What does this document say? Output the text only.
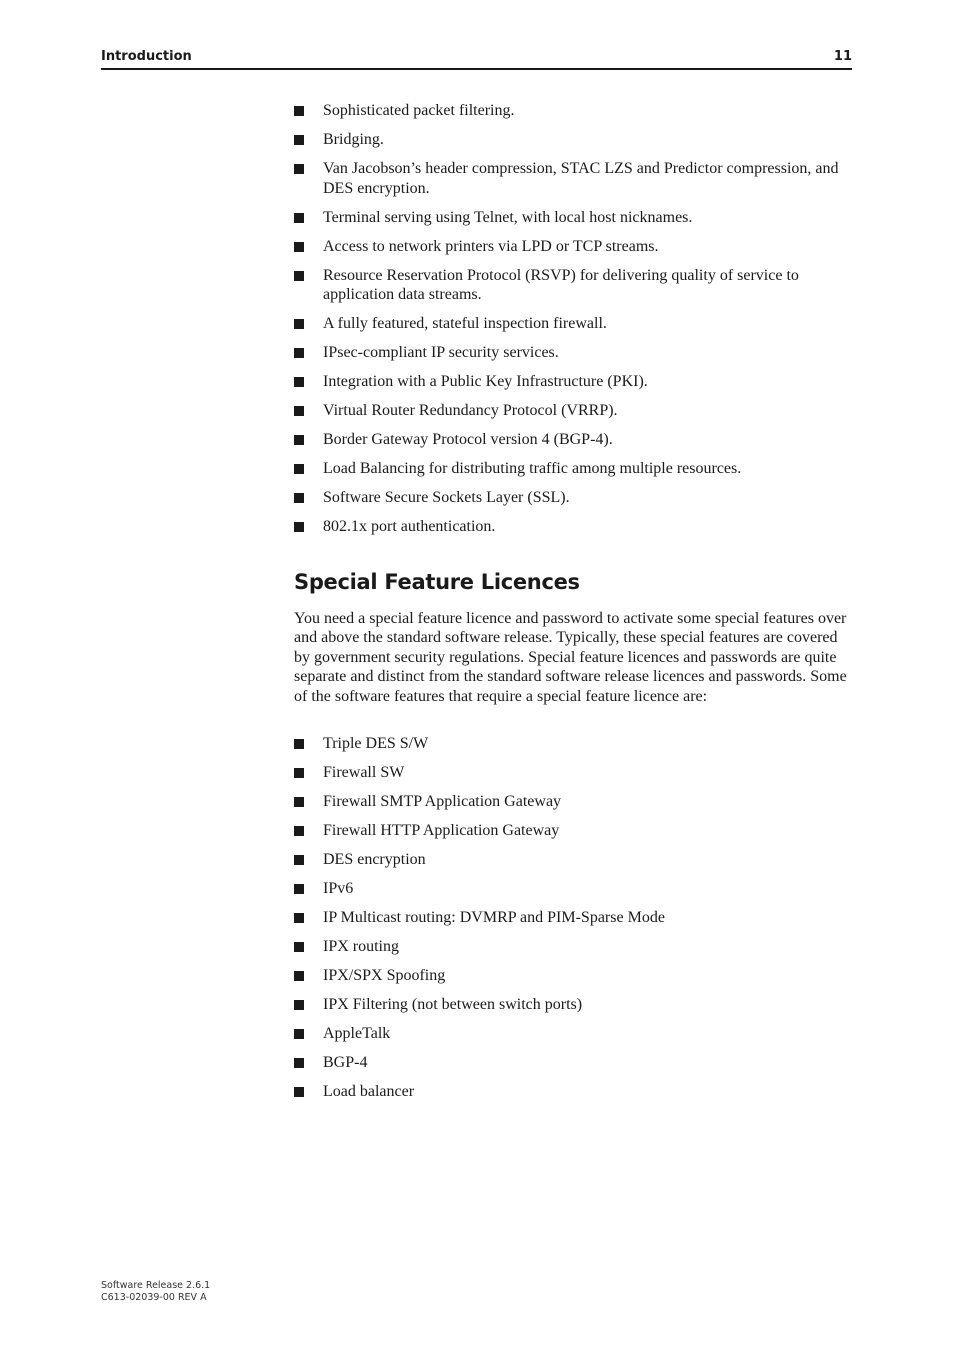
Introduction	11
Sophisticated packet filtering.
Bridging.
Van Jacobson’s header compression, STAC LZS and Predictor compression, and DES encryption.
Terminal serving using Telnet, with local host nicknames.
Access to network printers via LPD or TCP streams.
Resource Reservation Protocol (RSVP) for delivering quality of service to application data streams.
A fully featured, stateful inspection firewall.
IPsec-compliant IP security services.
Integration with a Public Key Infrastructure (PKI).
Virtual Router Redundancy Protocol (VRRP).
Border Gateway Protocol version 4 (BGP-4).
Load Balancing for distributing traffic among multiple resources.
Software Secure Sockets Layer (SSL).
802.1x port authentication.
Special Feature Licences

You need a special feature licence and password to activate some special features over and above the standard software release. Typically, these special features are covered by government security regulations. Special feature licences and passwords are quite separate and distinct from the standard software release licences and passwords. Some of the software features that require a special feature licence are:

Triple DES S/W
Firewall SW
Firewall SMTP Application Gateway
Firewall HTTP Application Gateway
DES encryption
IPv6
IP Multicast routing: DVMRP and PIM-Sparse Mode
IPX routing
IPX/SPX Spoofing
IPX Filtering (not between switch ports)
AppleTalk
BGP-4
Load balancer
Software Release 2.6.1
C613-02039-00 REV A
